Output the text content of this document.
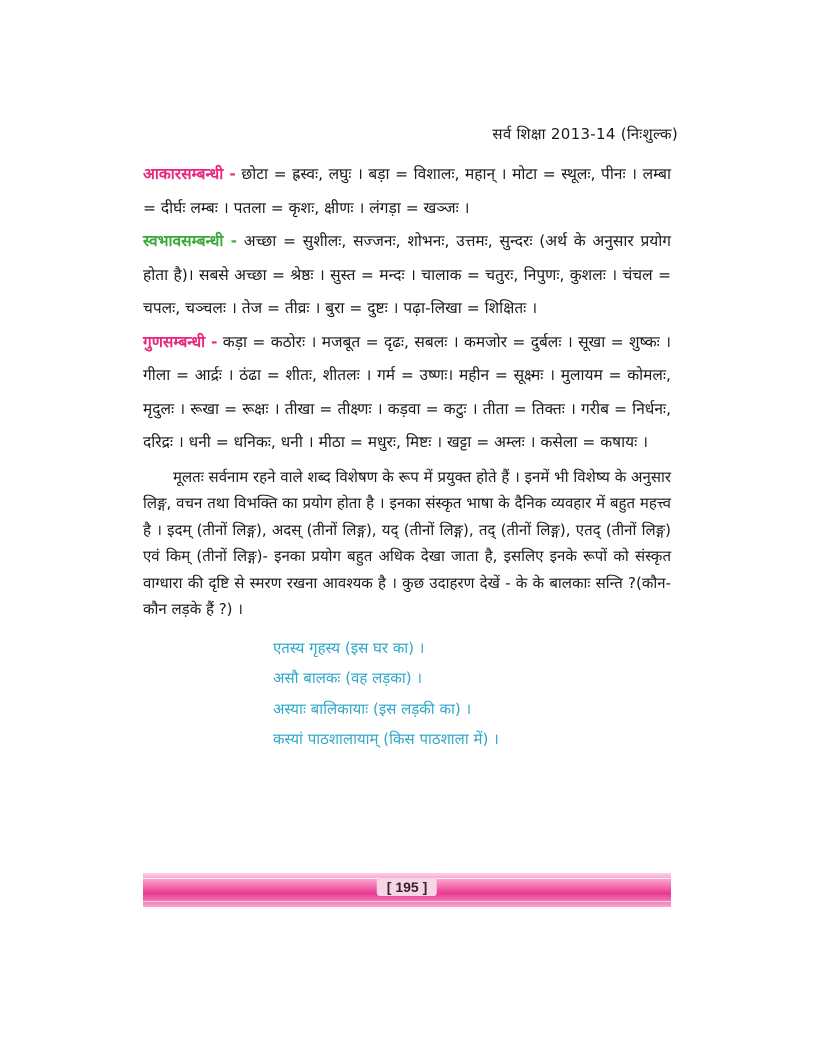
सर्व शिक्षा 2013-14 (निःशुल्क)

आकारसम्बन्धी - छोटा = ह्रस्वः, लघुः । बड़ा = विशालः, महान् । मोटा = स्थूलः, पीनः । लम्बा = दीर्घः लम्बः । पतला = कृशः, क्षीणः । लंगड़ा = खञ्जः ।

स्वभावसम्बन्धी - अच्छा = सुशीलः, सज्जनः, शोभनः, उत्तमः, सुन्दरः (अर्थ के अनुसार प्रयोग होता है)। सबसे अच्छा = श्रेष्ठः । सुस्त = मन्दः । चालाक = चतुरः, निपुणः, कुशलः । चंचल = चपलः, चञ्चलः । तेज = तीव्रः । बुरा = दुष्टः । पढ़ा-लिखा = शिक्षितः ।

गुणसम्बन्धी - कड़ा = कठोरः । मजबूत = दृढः, सबलः । कमजोर = दुर्बलः । सूखा = शुष्कः । गीला = आर्द्रः । ठंढा = शीतः, शीतलः । गर्म = उष्णः। महीन = सूक्ष्मः । मुलायम = कोमलः, मृदुलः । रूखा = रूक्षः । तीखा = तीक्ष्णः । कड़वा = कटुः । तीता = तिक्तः । गरीब = निर्धनः, दरिद्रः । धनी = धनिकः, धनी । मीठा = मधुरः, मिष्टः । खट्टा = अम्लः । कसेला = कषायः ।

मूलतः सर्वनाम रहने वाले शब्द विशेषण के रूप में प्रयुक्त होते हैं । इनमें भी विशेष्य के अनुसार लिङ्ग, वचन तथा विभक्ति का प्रयोग होता है । इनका संस्कृत भाषा के दैनिक व्यवहार में बहुत महत्त्व है । इदम् (तीनों लिङ्ग), अदस् (तीनों लिङ्ग), यद् (तीनों लिङ्ग), तद् (तीनों लिङ्ग), एतद् (तीनों लिङ्ग) एवं किम् (तीनों लिङ्ग)- इनका प्रयोग बहुत अधिक देखा जाता है, इसलिए इनके रूपों को संस्कृत वाग्धारा की दृष्टि से स्मरण रखना आवश्यक है । कुछ उदाहरण देखें - के के बालकाः सन्ति ?(कौन-कौन लड़के हैं ?) ।

एतस्य गृहस्य (इस घर का) ।
असौ बालकः (वह लड़का) ।
अस्याः बालिकायाः (इस लड़की का) ।
कस्यां पाठशालायाम् (किस पाठशाला में) ।
[ 195 ]
